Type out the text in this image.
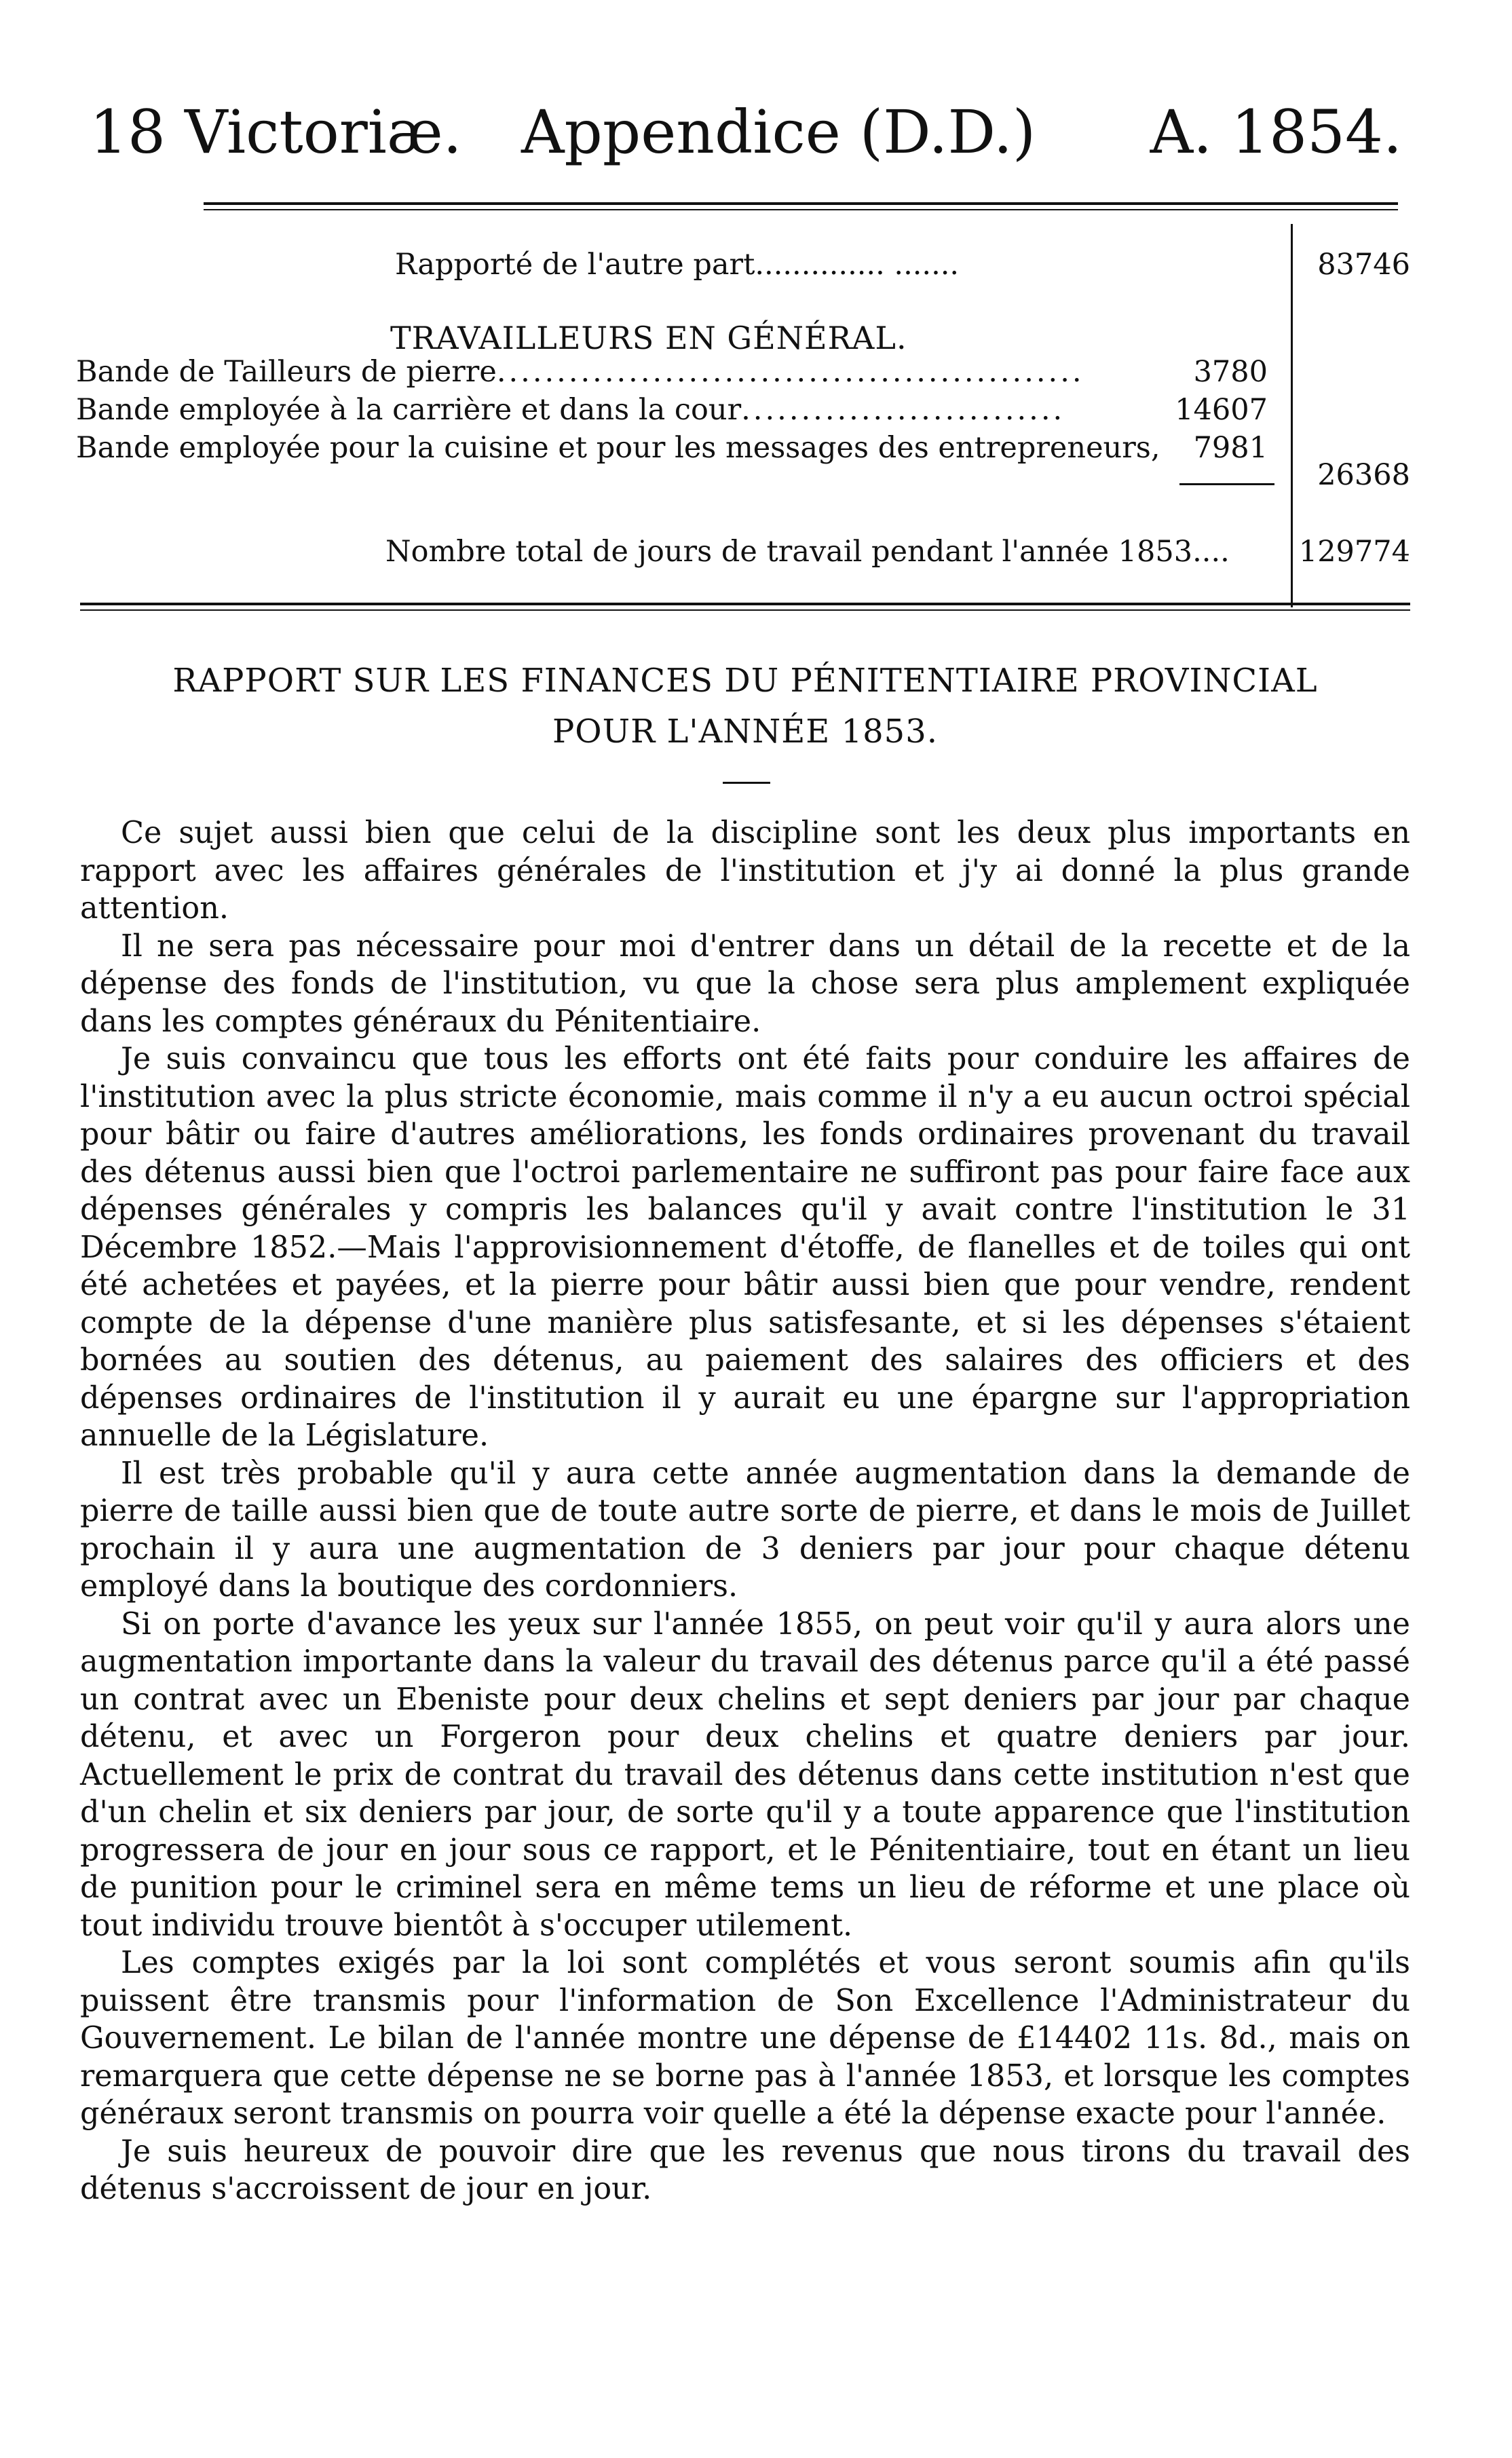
18 Victoriæ. Appendice (D.D.) A. 1854.
Rapporté de l'autre part.............. .......	83746
TRAVAILLEURS EN GÉNÉRAL.
Bande de Tailleurs de pierre.................................................	3780
Bande employée à la carrière et dans la cour...........................	14607
Bande employée pour la cuisine et pour les messages des entrepreneurs, 7981
26368
Nombre total de jours de travail pendant l'année 1853.... 129774
RAPPORT SUR LES FINANCES DU PÉNITENTIAIRE PROVINCIAL
POUR L'ANNÉE 1853.

Ce sujet aussi bien que celui de la discipline sont les deux plus importants en rapport avec les affaires générales de l'institution et j'y ai donné la plus grande attention.

Il ne sera pas nécessaire pour moi d'entrer dans un détail de la recette et de la dépense des fonds de l'institution, vu que la chose sera plus amplement expliquée dans les comptes généraux du Pénitentiaire.

Je suis convaincu que tous les efforts ont été faits pour conduire les affaires de l'institution avec la plus stricte économie, mais comme il n'y a eu aucun octroi spécial pour bâtir ou faire d'autres améliorations, les fonds ordinaires provenant du travail des détenus aussi bien que l'octroi parlementaire ne suffiront pas pour faire face aux dépenses générales y compris les balances qu'il y avait contre l'institution le 31 Décembre 1852.—Mais l'approvisionnement d'étoffe, de flanelles et de toiles qui ont été achetées et payées, et la pierre pour bâtir aussi bien que pour vendre, rendent compte de la dépense d'une manière plus satisfesante, et si les dépenses s'étaient bornées au soutien des détenus, au paiement des salaires des officiers et des dépenses ordinaires de l'institution il y aurait eu une épargne sur l'appropriation annuelle de la Législature.

Il est très probable qu'il y aura cette année augmentation dans la demande de pierre de taille aussi bien que de toute autre sorte de pierre, et dans le mois de Juillet prochain il y aura une augmentation de 3 deniers par jour pour chaque détenu employé dans la boutique des cordonniers.

Si on porte d'avance les yeux sur l'année 1855, on peut voir qu'il y aura alors une augmentation importante dans la valeur du travail des détenus parce qu'il a été passé un contrat avec un Ebeniste pour deux chelins et sept deniers par jour par chaque détenu, et avec un Forgeron pour deux chelins et quatre deniers par jour. Actuellement le prix de contrat du travail des détenus dans cette institution n'est que d'un chelin et six deniers par jour, de sorte qu'il y a toute apparence que l'institution progressera de jour en jour sous ce rapport, et le Pénitentiaire, tout en étant un lieu de punition pour le criminel sera en même tems un lieu de réforme et une place où tout individu trouve bientôt à s'occuper utilement.

Les comptes exigés par la loi sont complétés et vous seront soumis afin qu'ils puissent être transmis pour l'information de Son Excellence l'Administrateur du Gouvernement. Le bilan de l'année montre une dépense de £14402 11s. 8d., mais on remarquera que cette dépense ne se borne pas à l'année 1853, et lorsque les comptes généraux seront transmis on pourra voir quelle a été la dépense exacte pour l'année.

Je suis heureux de pouvoir dire que les revenus que nous tirons du travail des détenus s'accroissent de jour en jour.
